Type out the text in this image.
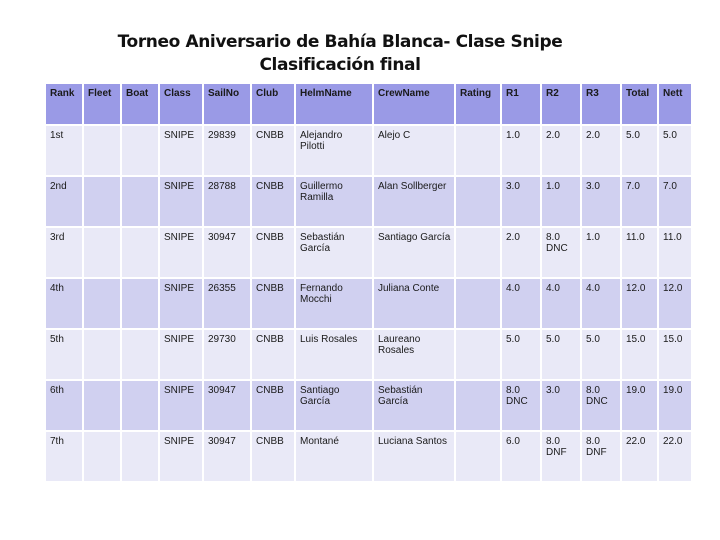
Torneo Aniversario de Bahía Blanca- Clase Snipe
Clasificación final
Rank	Fleet	Boat	Class	SailNo	Club	HelmName	CrewName	Rating	R1	R2	R3	Total	Nett
1st			SNIPE	29839	CNBB	Alejandro Pilotti	Alejo C		1.0	2.0	2.0	5.0	5.0
2nd			SNIPE	28788	CNBB	Guillermo Ramilla	Alan Sollberger		3.0	1.0	3.0	7.0	7.0
3rd			SNIPE	30947	CNBB	Sebastián García	Santiago García		2.0	8.0 DNC	1.0	11.0	11.0
4th			SNIPE	26355	CNBB	Fernando Mocchi	Juliana Conte		4.0	4.0	4.0	12.0	12.0
5th			SNIPE	29730	CNBB	Luis Rosales	Laureano Rosales		5.0	5.0	5.0	15.0	15.0
6th			SNIPE	30947	CNBB	Santiago García	Sebastián García		8.0 DNC	3.0	8.0 DNC	19.0	19.0
7th			SNIPE	30947	CNBB	Montané	Luciana Santos		6.0	8.0 DNF	8.0 DNF	22.0	22.0
